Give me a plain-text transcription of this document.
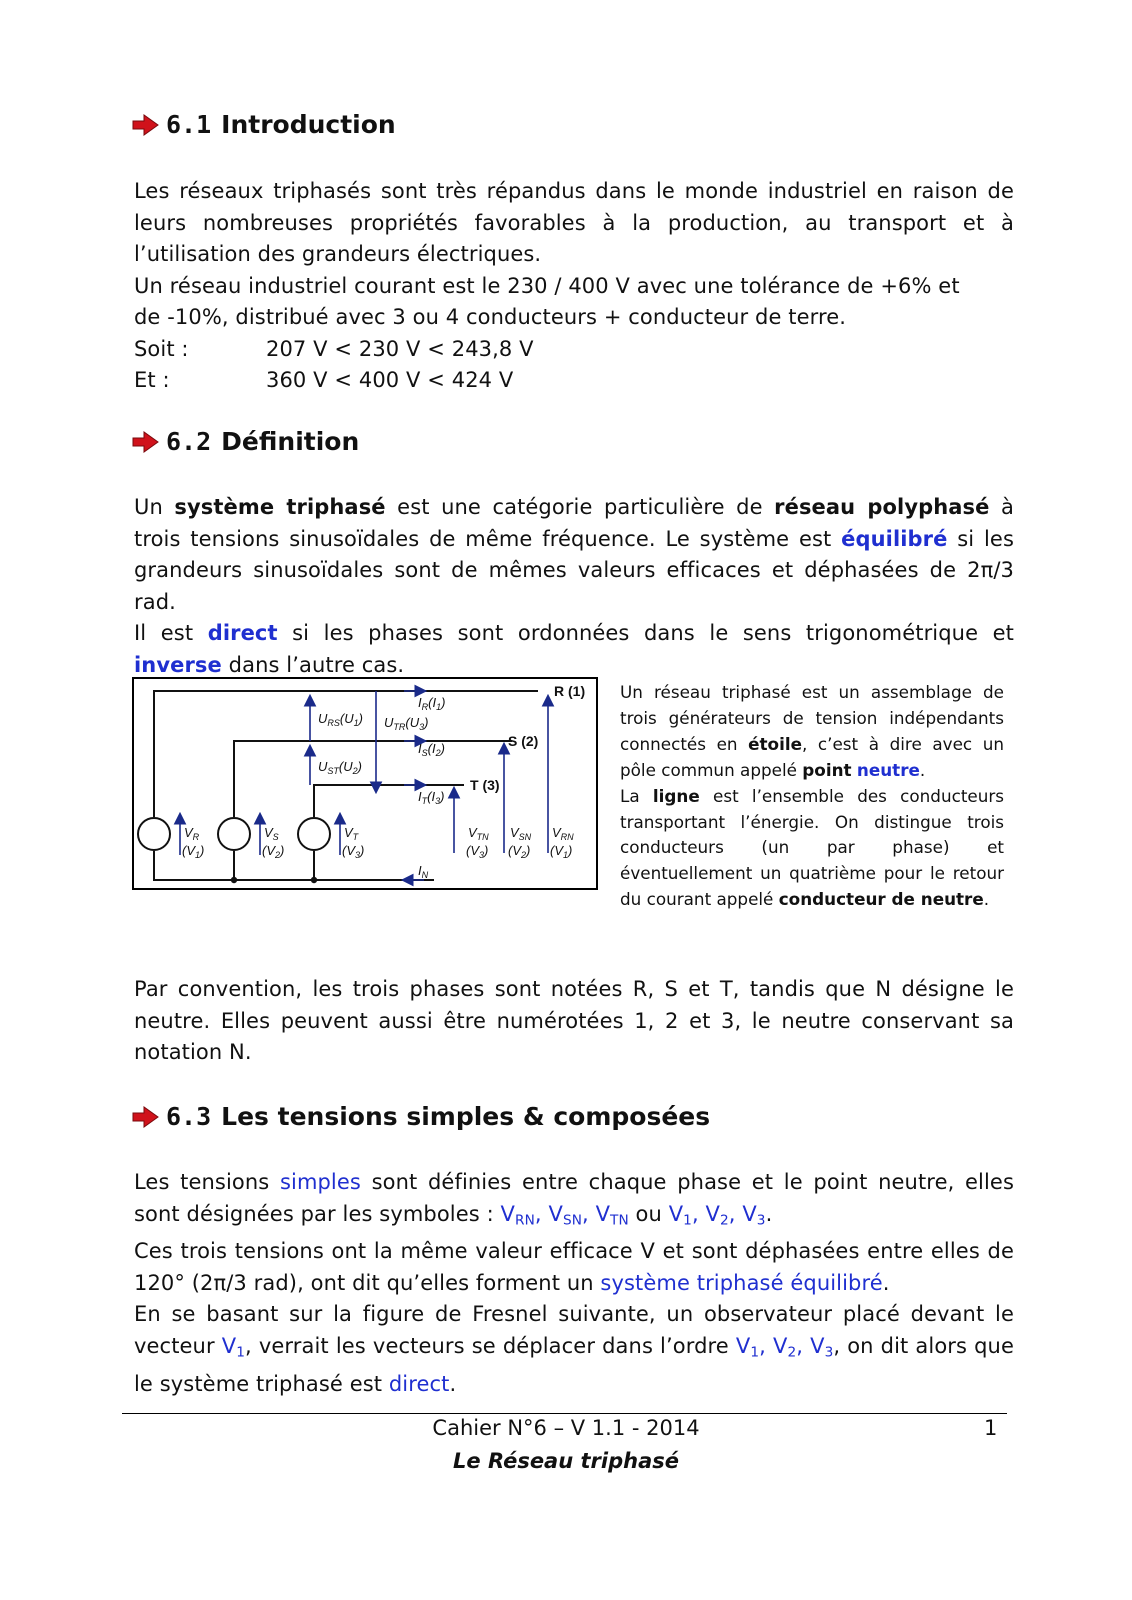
6.1 Introduction

Les réseaux triphasés sont très répandus dans le monde industriel en raison de leurs nombreuses propriétés favorables à la production, au transport et à l’utilisation des grandeurs électriques.

Un réseau industriel courant est le 230 / 400 V avec une tolérance de +6% et

de -10%, distribué avec 3 ou 4 conducteurs + conducteur de terre.

Soit :	207 V < 230 V < 243,8 V
Et :	360 V < 400 V < 424 V
6.2 Définition

Un système triphasé est une catégorie particulière de réseau polyphasé à trois tensions sinusoïdales de même fréquence. Le système est équilibré si les grandeurs sinusoïdales sont de mêmes valeurs efficaces et déphasées de 2π/3 rad.

Il est direct si les phases sont ordonnées dans le sens trigonométrique et inverse dans l’autre cas.

R (1)
S (2)
T (3)
$I_R(I_1)$
$I_S(I_2)$
$I_T(I_3)$
$I_N$
$U_{RS}(U_1)$ $U_{TR}(U_3)$
$U_{ST}(U_2)$
$V_R$
$(V_1)$
$V_S$
$(V_2)$
$V_T$
$(V_3)$
$V_{TN}$
$(V_3)$
$V_{SN}$
$(V_2)$
$V_{RN}$
$(V_1)$

Un réseau triphasé est un assemblage de trois générateurs de tension indépendants connectés en étoile, c’est à dire avec un pôle commun appelé point neutre.

La ligne est l’ensemble des conducteurs transportant l’énergie. On distingue trois conducteurs (un par phase) et éventuellement un quatrième pour le retour du courant appelé conducteur de neutre.

Par convention, les trois phases sont notées R, S et T, tandis que N désigne le neutre. Elles peuvent aussi être numérotées 1, 2 et 3, le neutre conservant sa notation N.

6.3 Les tensions simples & composées

Les tensions simples sont définies entre chaque phase et le point neutre, elles sont désignées par les symboles : $V_{RN}$, $V_{SN}$, $V_{TN}$ ou $V_1$, $V_2$, $V_3$.

Ces trois tensions ont la même valeur efficace V et sont déphasées entre elles de 120° (2π/3 rad), ont dit qu’elles forment un système triphasé équilibré.

En se basant sur la figure de Fresnel suivante, un observateur placé devant le vecteur $V_1$, verrait les vecteurs se déplacer dans l’ordre $V_1$, $V_2$, $V_3$, on dit alors que le système triphasé est direct.

Cahier N°6 – V 1.1 - 2014
Le Réseau triphasé
1
